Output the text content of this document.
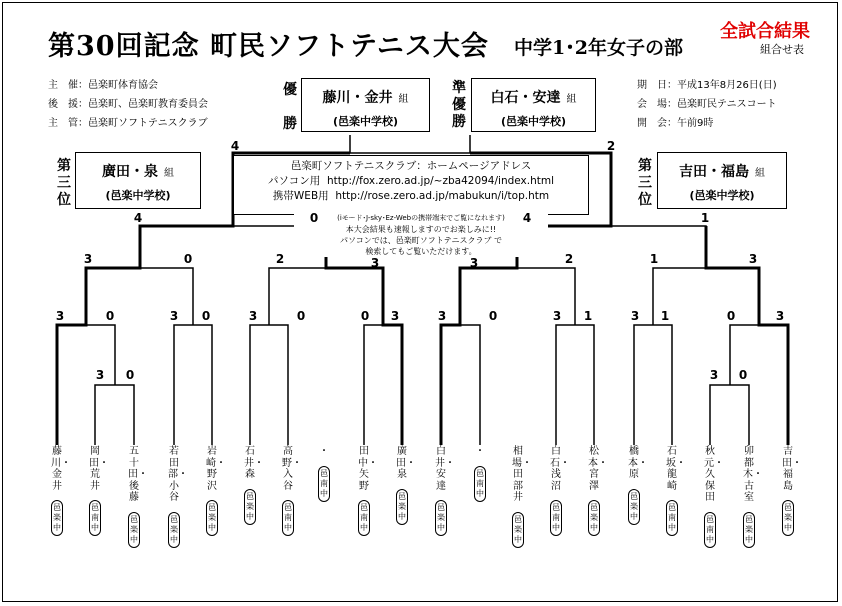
第30回記念 町民ソフトテニス大会 中学1･2年女子の部
全試合結果
組合せ表
主　催： 邑楽町体育協会
後　援： 邑楽町、邑楽町教育委員会
主　管： 邑楽町ソフトテニスクラブ
期　日： 平成13年8月26日(日)
会　場： 邑楽町民テニスコート
開　会： 午前9時
優

勝
藤川・金井 組
(邑楽中学校)
準
優
勝
白石・安達 組
(邑楽中学校)
第
三
位
廣田・泉 組
(邑楽中学校)
第
三
位
吉田・福島 組
(邑楽中学校)
邑楽町ソフトテニスクラブ：ホームページアドレス
パソコン用 http://fox.zero.ad.jp/~zba42094/index.html
携帯WEB用 http://rose.zero.ad.jp/mabukun/i/top.htm
(iモード･J-sky･Ez-Webの携帯端末でご覧になれます)
本大会結果も速報しますのでお楽しみに!!
パソコンでは、邑楽町ソフトテニスクラブ で
検索してもご覧いただけます。
4	2
4	0	4	1
3	0	2	3	3	2	1	3
3	0	3	0	3	0	0	3	3	0	3	1	3	1	0	3
3	0	3	0
藤川・金井
邑楽中
岡田・荒井
邑南中
五十田・後藤
邑楽中
若田部・小谷
邑楽中
岩崎・野沢
邑楽中
石井・森
邑楽中
高野・入谷
邑南中
・
邑南中
田中・矢野
邑南中
廣田・泉
邑楽中
白井・安達
邑楽中
・
邑南中
相場・田部井
邑楽中
白石・浅沼
邑南中
松本・宮澤
邑楽中
橋本・原
邑楽中
石坂・龍崎
邑南中
秋元・久保田
邑南中
卯都木・古室
邑楽中
吉田・福島
邑楽中
